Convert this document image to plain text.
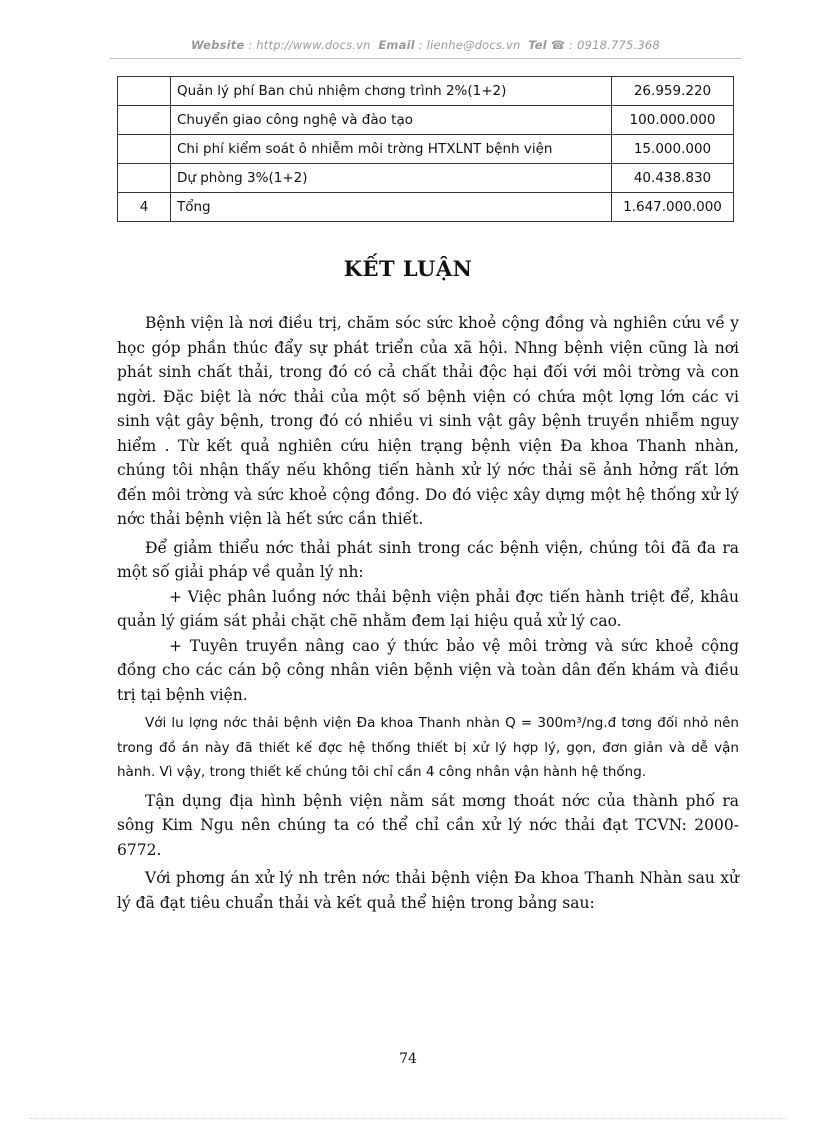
Website : http://www.docs.vn Email : lienhe@docs.vn Tel ☎ : 0918.775.368
	Quản lý phí Ban chủ nhiệm chơng trình 2%(1+2)	26.959.220
	Chuyển giao công nghệ và đào tạo	100.000.000
	Chi phí kiểm soát ô nhiễm môi trờng HTXLNT bệnh viện	15.000.000
	Dự phòng 3%(1+2)	40.438.830
4	Tổng	1.647.000.000
KẾT LUẬN

Bệnh viện là nơi điều trị, chăm sóc sức khoẻ cộng đồng và nghiên cứu về y học góp phần thúc đẩy sự phát triển của xã hội. Nhng bệnh viện cũng là nơi phát sinh chất thải, trong đó có cả chất thải độc hại đối với môi trờng và con ngời. Đặc biệt là nớc thải của một số bệnh viện có chứa một lợng lớn các vi sinh vật gây bệnh, trong đó có nhiều vi sinh vật gây bệnh truyền nhiễm nguy hiểm . Từ kết quả nghiên cứu hiện trạng bệnh viện Đa khoa Thanh nhàn, chúng tôi nhận thấy nếu không tiến hành xử lý nớc thải sẽ ảnh hởng rất lớn đến môi trờng và sức khoẻ cộng đồng. Do đó việc xây dựng một hệ thống xử lý nớc thải bệnh viện là hết sức cần thiết.

Để giảm thiểu nớc thải phát sinh trong các bệnh viện, chúng tôi đã đa ra một số giải pháp về quản lý nh:

+ Việc phân luồng nớc thải bệnh viện phải đợc tiến hành triệt để, khâu quản lý giám sát phải chặt chẽ nhằm đem lại hiệu quả xử lý cao.

+ Tuyên truyền nâng cao ý thức bảo vệ môi trờng và sức khoẻ cộng đồng cho các cán bộ công nhân viên bệnh viện và toàn dân đến khám và điều trị tại bệnh viện.

Với lu lợng nớc thải bệnh viện Đa khoa Thanh nhàn Q = 300m³/ng.đ tơng đối nhỏ nên trong đồ án này đã thiết kế đợc hệ thống thiết bị xử lý hợp lý, gọn, đơn giản và dễ vận hành. Vì vậy, trong thiết kế chúng tôi chỉ cần 4 công nhân vận hành hệ thống.

Tận dụng địa hình bệnh viện nằm sát mơng thoát nớc của thành phố ra sông Kim Ngu nên chúng ta có thể chỉ cần xử lý nớc thải đạt TCVN: 2000-6772.

Với phơng án xử lý nh trên nớc thải bệnh viện Đa khoa Thanh Nhàn sau xử lý đã đạt tiêu chuẩn thải và kết quả thể hiện trong bảng sau:

74
